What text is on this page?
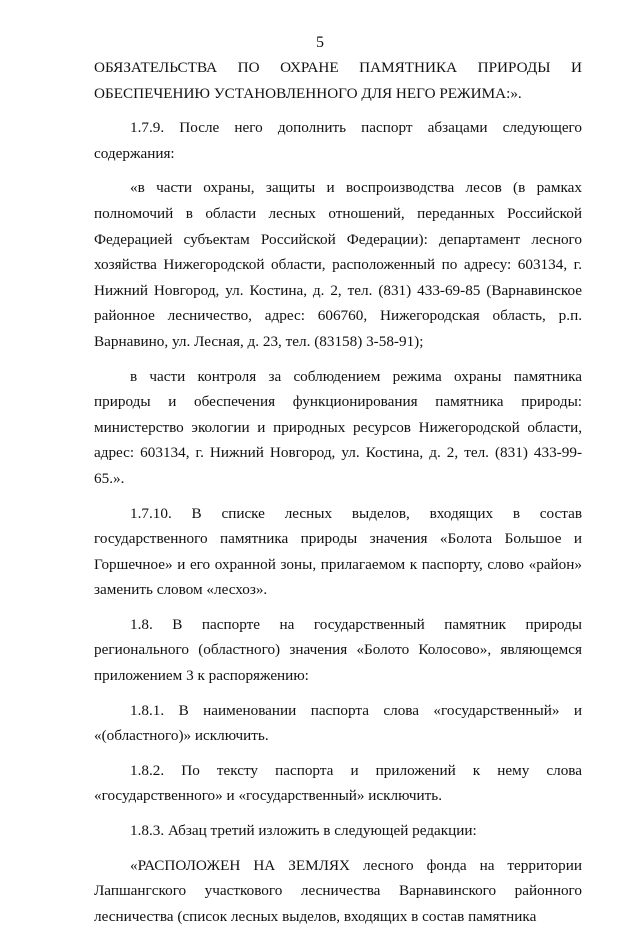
5

ОБЯЗАТЕЛЬСТВА ПО ОХРАНЕ ПАМЯТНИКА ПРИРОДЫ И ОБЕСПЕЧЕНИЮ УСТАНОВЛЕННОГО ДЛЯ НЕГО РЕЖИМА:».

1.7.9. После него дополнить паспорт абзацами следующего содержания:

«в части охраны, защиты и воспроизводства лесов (в рамках полномочий в области лесных отношений, переданных Российской Федерацией субъектам Российской Федерации): департамент лесного хозяйства Нижегородской области, расположенный по адресу: 603134, г. Нижний Новгород, ул. Костина, д. 2, тел. (831) 433-69-85 (Варнавинское районное лесничество, адрес: 606760, Нижегородская область, р.п. Варнавино, ул. Лесная, д. 23, тел. (83158) 3-58-91);

в части контроля за соблюдением режима охраны памятника природы и обеспечения функционирования памятника природы: министерство экологии и природных ресурсов Нижегородской области, адрес: 603134, г. Нижний Новгород, ул. Костина, д. 2, тел. (831) 433-99-65.».

1.7.10. В списке лесных выделов, входящих в состав государственного памятника природы значения «Болота Большое и Горшечное» и его охранной зоны, прилагаемом к паспорту, слово «район» заменить словом «лесхоз».

1.8. В паспорте на государственный памятник природы регионального (областного) значения «Болото Колосово», являющемся приложением 3 к распоряжению:

1.8.1. В наименовании паспорта слова «государственный» и «(областного)» исключить.

1.8.2. По тексту паспорта и приложений к нему слова «государственного» и «государственный» исключить.

1.8.3. Абзац третий изложить в следующей редакции:

«РАСПОЛОЖЕН НА ЗЕМЛЯХ лесного фонда на территории Лапшангского участкового лесничества Варнавинского районного лесничества (список лесных выделов, входящих в состав памятника
